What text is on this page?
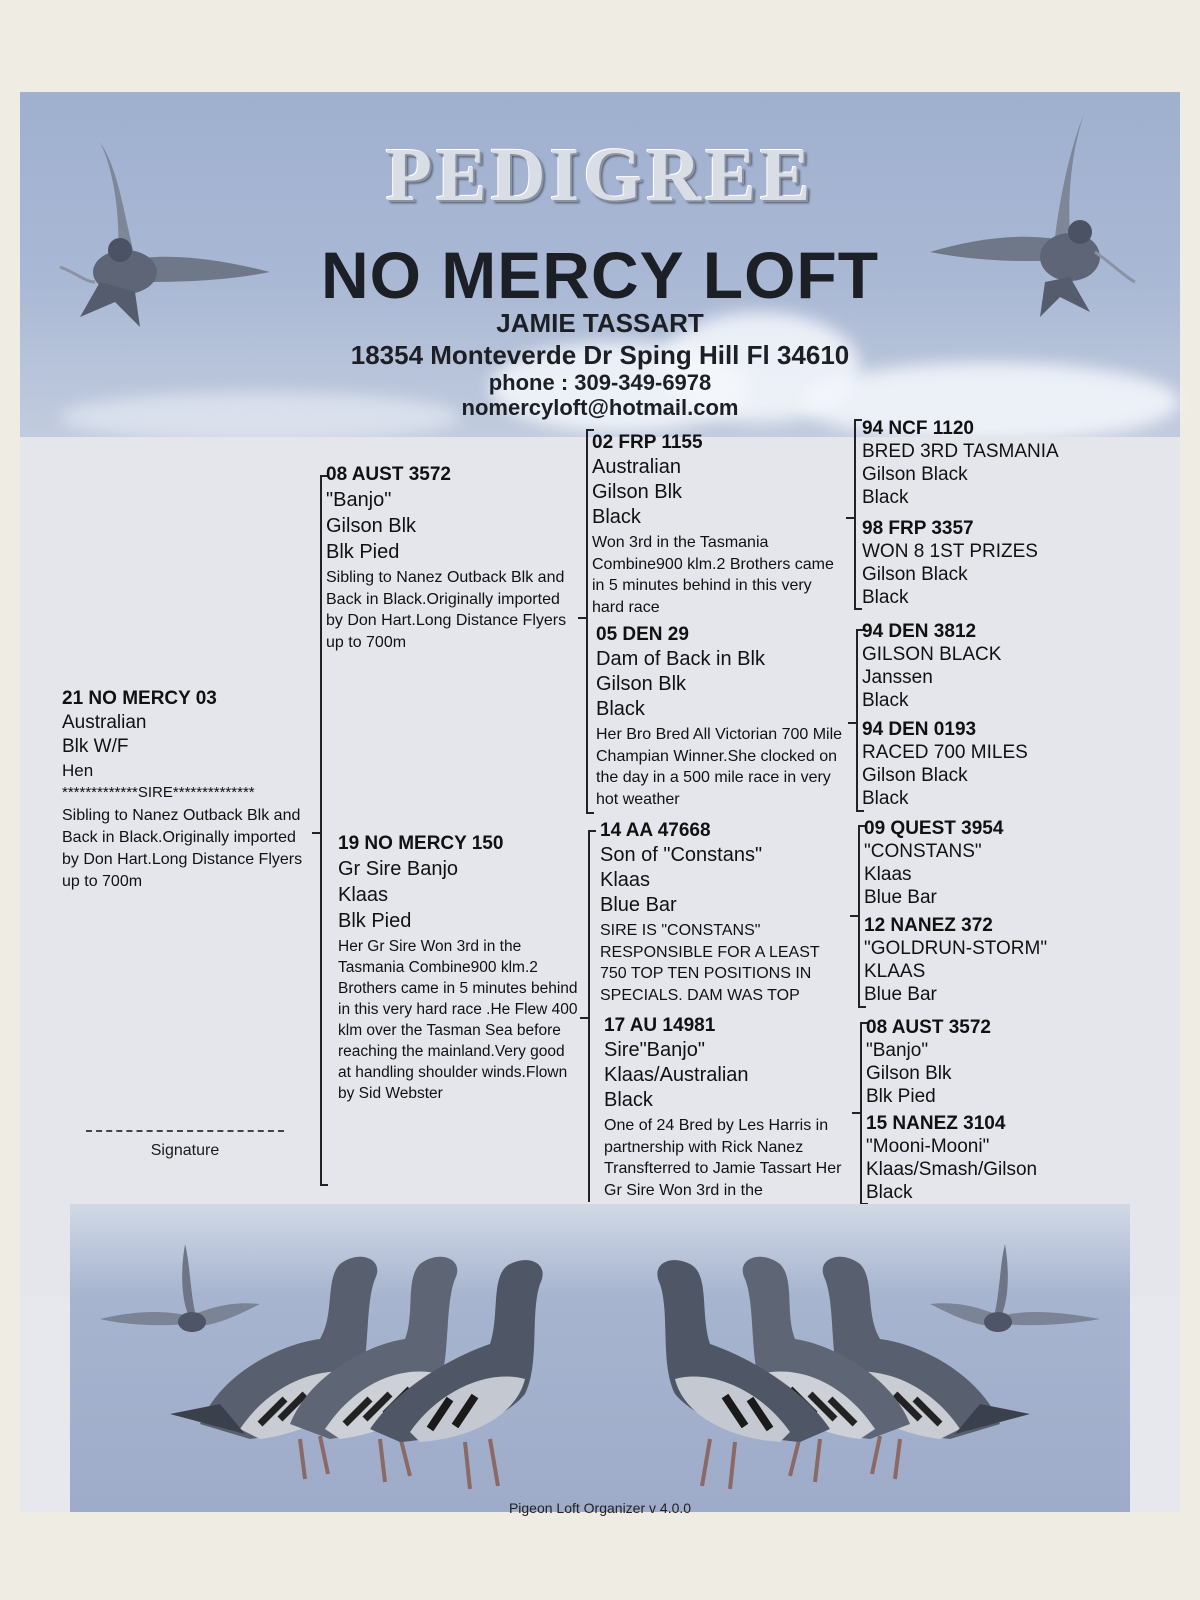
PEDIGREE
NO MERCY LOFT
JAMIE TASSART
18354 Monteverde Dr Sping Hill Fl 34610
phone : 309-349-6978
nomercyloft@hotmail.com
21 NO MERCY 03
Australian
Blk W/F
Hen
*************SIRE**************
Sibling to Nanez Outback Blk and Back in Black.Originally imported by Don Hart.Long Distance Flyers up to 700m
Signature
08 AUST 3572
"Banjo"
Gilson Blk
Blk Pied
Sibling to Nanez Outback Blk and Back in Black.Originally imported by Don Hart.Long Distance Flyers up to 700m
19 NO MERCY 150
Gr Sire Banjo
Klaas
Blk Pied
Her Gr Sire Won 3rd in the Tasmania Combine900 klm.2 Brothers came in 5 minutes behind in this very hard race .He Flew 400 klm over the Tasman Sea before reaching the mainland.Very good at handling shoulder winds.Flown by Sid Webster
02 FRP 1155
Australian
Gilson Blk
Black
Won 3rd in the Tasmania Combine900 klm.2 Brothers came in 5 minutes behind in this very hard race
05 DEN 29
Dam of Back in Blk
Gilson Blk
Black
Her Bro Bred All Victorian 700 Mile Champian Winner.She clocked on the day in a 500 mile race in very hot weather
14 AA 47668
Son of "Constans"
Klaas
Blue Bar
SIRE IS "CONSTANS" RESPONSIBLE FOR A LEAST 750 TOP TEN POSITIONS IN SPECIALS. DAM WAS TOP
17 AU 14981
Sire"Banjo"
Klaas/Australian
Black
One of 24 Bred by Les Harris in partnership with Rick Nanez Transfterred to Jamie Tassart Her Gr Sire Won 3rd in the
94 NCF 1120
BRED 3RD TASMANIA
Gilson Black
Black
98 FRP 3357
WON 8 1ST PRIZES
Gilson Black
Black
94 DEN 3812
GILSON BLACK
Janssen
Black
94 DEN 0193
RACED 700 MILES
Gilson Black
Black
09 QUEST 3954
"CONSTANS"
Klaas
Blue Bar
12 NANEZ 372
"GOLDRUN-STORM"
KLAAS
Blue Bar
08 AUST 3572
"Banjo"
Gilson Blk
Blk Pied
15 NANEZ 3104
"Mooni-Mooni"
Klaas/Smash/Gilson
Black
Pigeon Loft Organizer v 4.0.0
